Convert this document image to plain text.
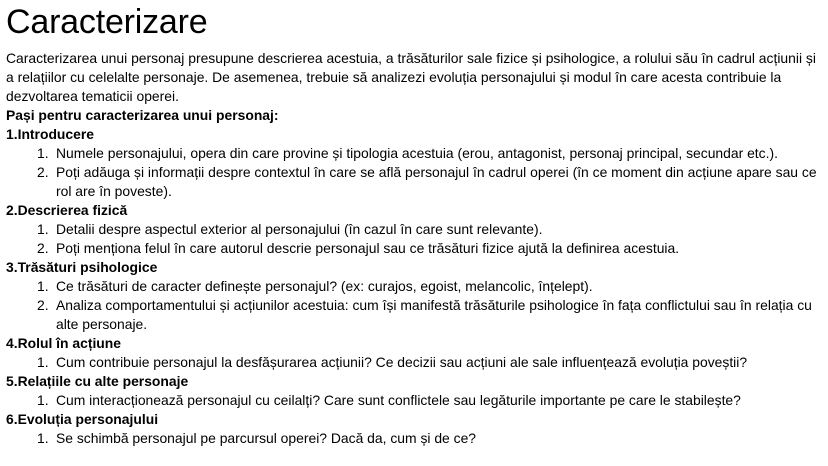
Caracterizare

Caracterizarea unui personaj presupune descrierea acestuia, a trăsăturilor sale fizice și psihologice, a rolului său în cadrul acțiunii și a relațiilor cu celelalte personaje. De asemenea, trebuie să analizezi evoluția personajului și modul în care acesta contribuie la dezvoltarea tematicii operei.

Pași pentru caracterizarea unui personaj:

1.Introducere
1. Numele personajului, opera din care provine și tipologia acestuia (erou, antagonist, personaj principal, secundar etc.).
2. Poți adăuga și informații despre contextul în care se află personajul în cadrul operei (în ce moment din acțiune apare sau ce rol are în poveste).
2.Descrierea fizică
1. Detalii despre aspectul exterior al personajului (în cazul în care sunt relevante).
2. Poți menționa felul în care autorul descrie personajul sau ce trăsături fizice ajută la definirea acestuia.
3.Trăsături psihologice
1. Ce trăsături de caracter definește personajul? (ex: curajos, egoist, melancolic, înțelept).
2. Analiza comportamentului și acțiunilor acestuia: cum își manifestă trăsăturile psihologice în fața conflictului sau în relația cu alte personaje.
4.Rolul în acțiune
1. Cum contribuie personajul la desfășurarea acțiunii? Ce decizii sau acțiuni ale sale influențează evoluția poveștii?
5.Relațiile cu alte personaje
1. Cum interacționează personajul cu ceilalți? Care sunt conflictele sau legăturile importante pe care le stabilește?
6.Evoluția personajului
1. Se schimbă personajul pe parcursul operei? Dacă da, cum și de ce?
